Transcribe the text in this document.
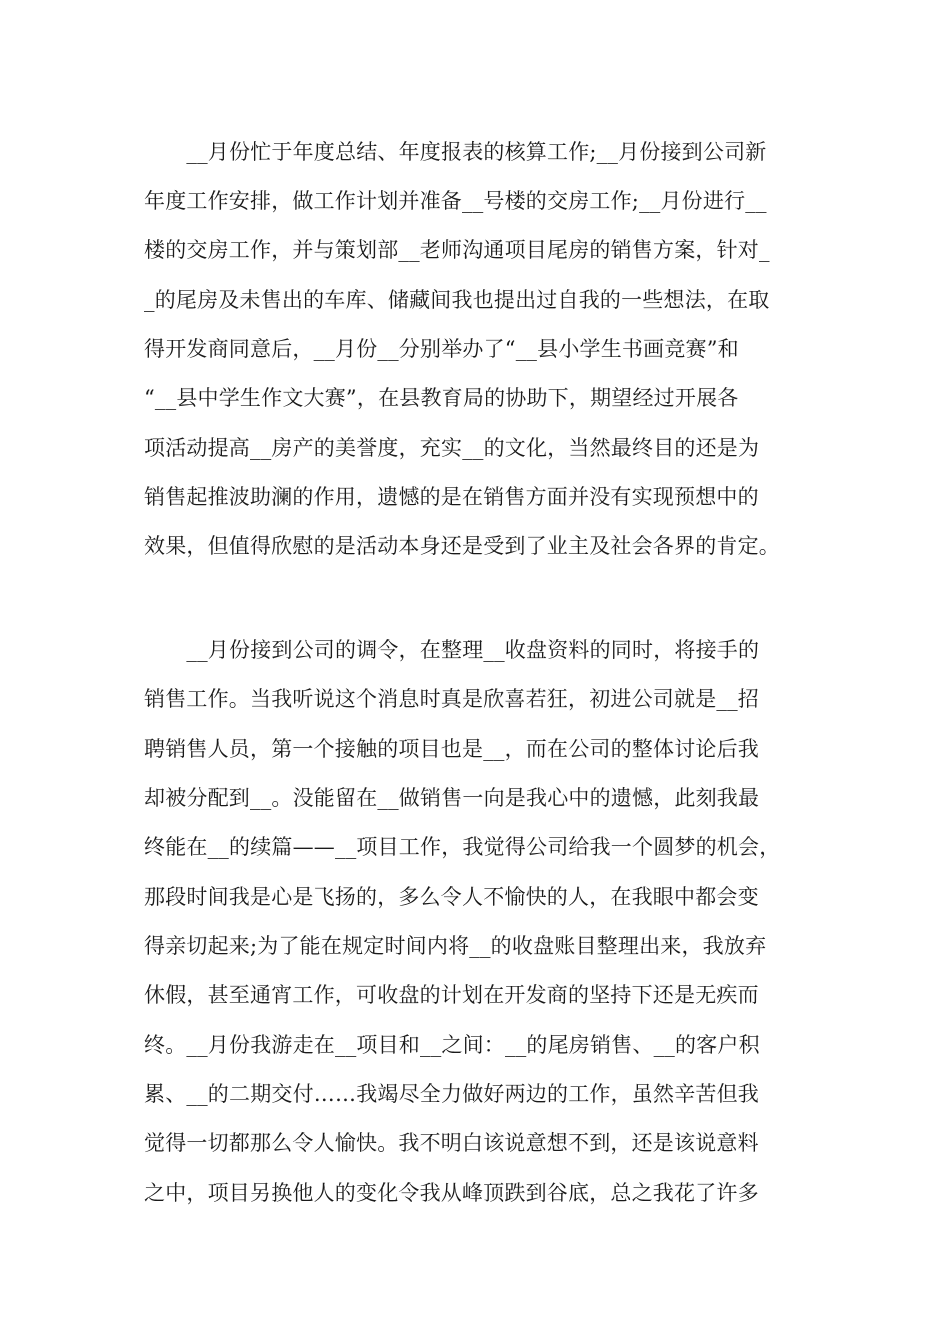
　　__月份忙于年度总结、年度报表的核算工作;__月份接到公司新
年度工作安排，做工作计划并准备__号楼的交房工作;__月份进行__
楼的交房工作，并与策划部__老师沟通项目尾房的销售方案，针对_
_的尾房及未售出的车库、储藏间我也提出过自我的一些想法，在取
得开发商同意后，__月份__分别举办了“__县小学生书画竞赛”和
“__县中学生作文大赛”，在县教育局的协助下，期望经过开展各
项活动提高__房产的美誉度，充实__的文化，当然最终目的还是为
销售起推波助澜的作用，遗憾的是在销售方面并没有实现预想中的
效果，但值得欣慰的是活动本身还是受到了业主及社会各界的肯定。
　　__月份接到公司的调令，在整理__收盘资料的同时，将接手的
销售工作。当我听说这个消息时真是欣喜若狂，初进公司就是__招
聘销售人员，第一个接触的项目也是__，而在公司的整体讨论后我
却被分配到__。没能留在__做销售一向是我心中的遗憾，此刻我最
终能在__的续篇——__项目工作，我觉得公司给我一个圆梦的机会，
那段时间我是心是飞扬的，多么令人不愉快的人，在我眼中都会变
得亲切起来;为了能在规定时间内将__的收盘账目整理出来，我放弃
休假，甚至通宵工作，可收盘的计划在开发商的坚持下还是无疾而
终。__月份我游走在__项目和__之间：__的尾房销售、__的客户积
累、__的二期交付……我竭尽全力做好两边的工作，虽然辛苦但我
觉得一切都那么令人愉快。我不明白该说意想不到，还是该说意料
之中，项目另换他人的变化令我从峰顶跌到谷底，总之我花了许多
